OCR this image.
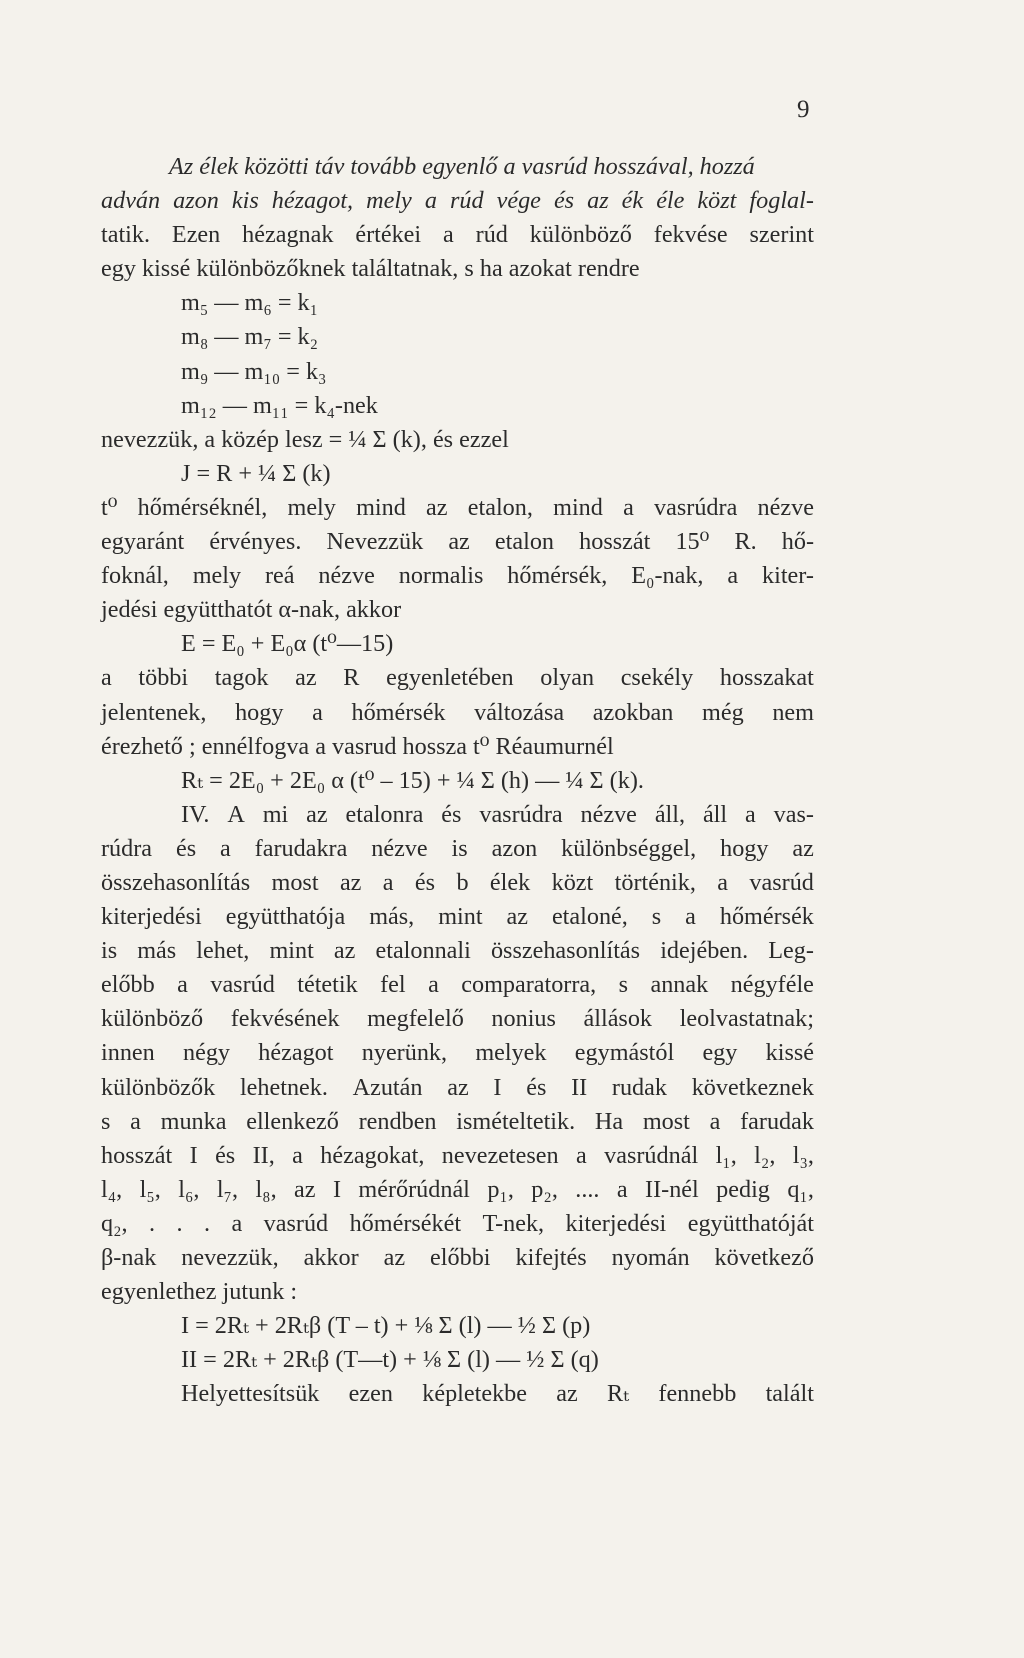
9
Az élek közötti táv tovább egyenlő a vasrúd hosszával, hozzá
adván azon kis hézagot, mely a rúd vége és az ék éle közt foglal-
tatik. Ezen hézagnak értékei a rúd különböző fekvése szerint
egy kissé különbözőknek találtatnak, s ha azokat rendre
m₅ — m₆ = k₁
m₈ — m₇ = k₂
m₉ — m₁₀ = k₃
m₁₂ — m₁₁ = k₄-nek
nevezzük, a közép lesz = ¼ Σ (k), és ezzel
J = R + ¼ Σ (k)
t⁰ hőmérséknél, mely mind az etalon, mind a vasrúdra nézve
egyaránt érvényes. Nevezzük az etalon hosszát 15⁰ R. hő-
foknál, mely reá nézve normalis hőmérsék, E₀-nak, a kiter-
jedési együtthatót α-nak, akkor
E = E₀ + E₀α (t⁰—15)
a többi tagok az R egyenletében olyan csekély hosszakat
jelentenek, hogy a hőmérsék változása azokban még nem
érezhető ; ennélfogva a vasrud hossza t⁰ Réaumurnél
Rₜ = 2E₀ + 2E₀ α (t⁰ – 15) + ¼ Σ (h) — ¼ Σ (k).
IV. A mi az etalonra és vasrúdra nézve áll, áll a vas-
rúdra és a farudakra nézve is azon különbséggel, hogy az
összehasonlítás most az a és b élek közt történik, a vasrúd
kiterjedési együtthatója más, mint az etaloné, s a hőmérsék
is más lehet, mint az etalonnali összehasonlítás idejében. Leg-
előbb a vasrúd tétetik fel a comparatorra, s annak négyféle
különböző fekvésének megfelelő nonius állások leolvastatnak;
innen négy hézagot nyerünk, melyek egymástól egy kissé
különbözők lehetnek. Azután az I és II rudak következnek
s a munka ellenkező rendben ismételtetik. Ha most a farudak
hosszát I és II, a hézagokat, nevezetesen a vasrúdnál l₁, l₂, l₃,
l₄, l₅, l₆, l₇, l₈, az I mérőrúdnál p₁, p₂, .... a II-nél pedig q₁,
q₂, . . . a vasrúd hőmérsékét T-nek, kiterjedési együtthatóját
β-nak nevezzük, akkor az előbbi kifejtés nyomán következő
egyenlethez jutunk :
I = 2Rₜ + 2Rₜβ (T – t) + ⅛ Σ (l) — ½ Σ (p)
II = 2Rₜ + 2Rₜβ (T—t) + ⅛ Σ (l) — ½ Σ (q)
Helyettesítsük ezen képletekbe az Rₜ fennebb talált
